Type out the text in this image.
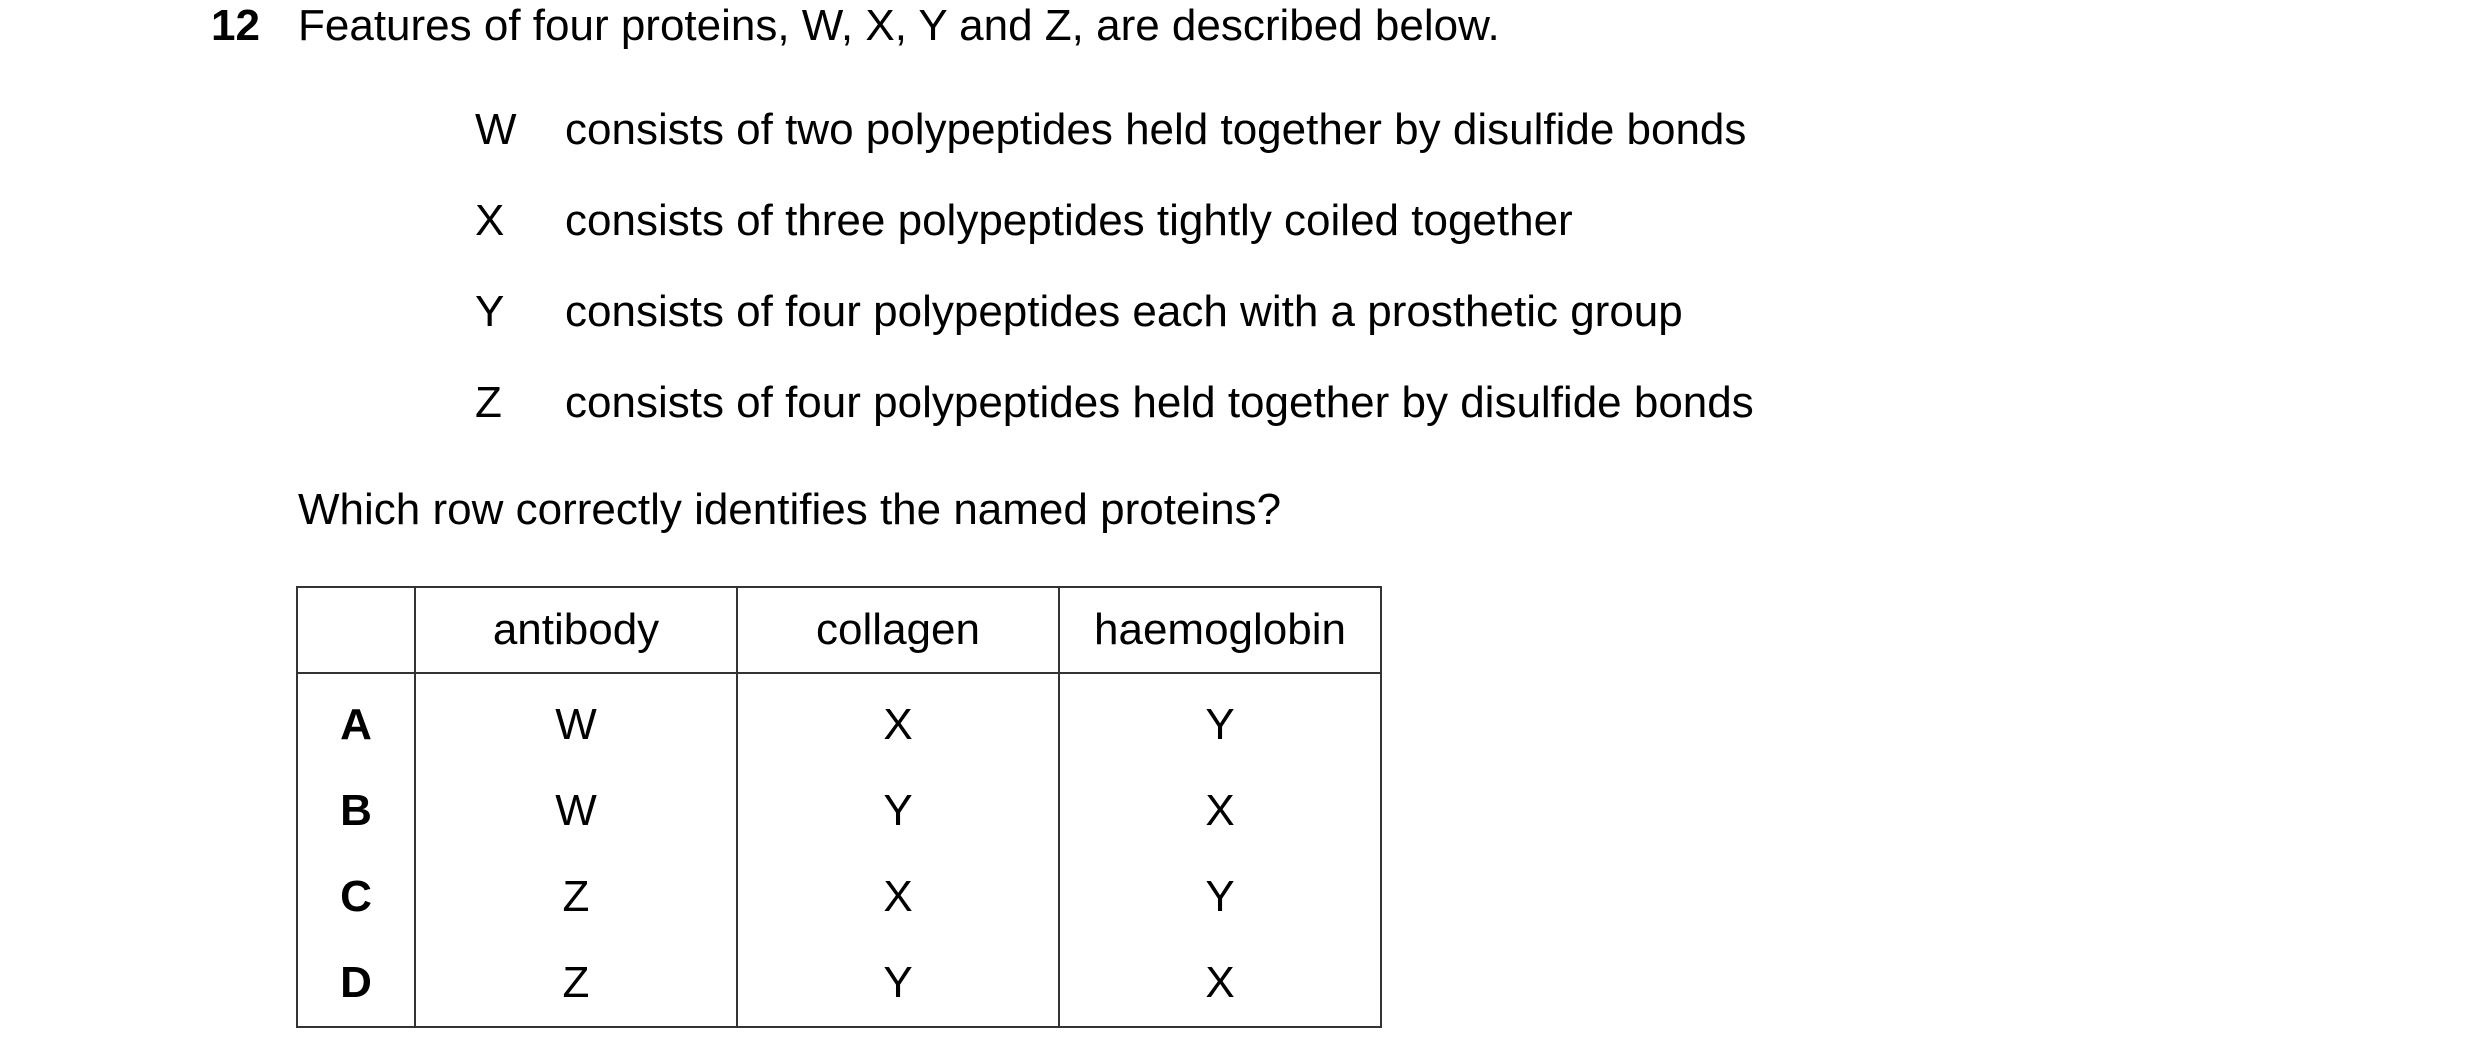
12 Features of four proteins, W, X, Y and Z, are described below.
W consists of two polypeptides held together by disulfide bonds
X consists of three polypeptides tightly coiled together
Y consists of four polypeptides each with a prosthetic group
Z consists of four polypeptides held together by disulfide bonds
Which row correctly identifies the named proteins?
	antibody	collagen	haemoglobin
A	W	X	Y
B	W	Y	X
C	Z	X	Y
D	Z	Y	X
